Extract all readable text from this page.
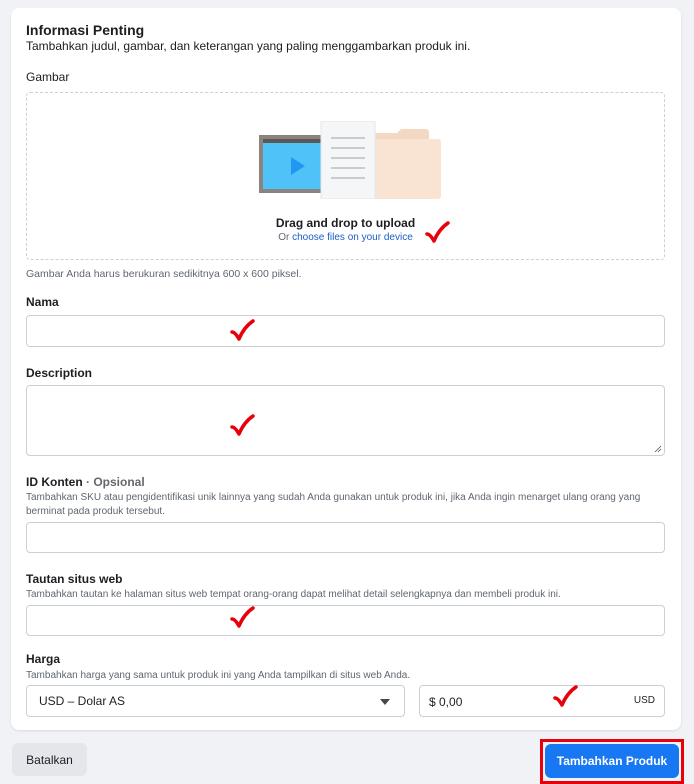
Informasi Penting
Tambahkan judul, gambar, dan keterangan yang paling menggambarkan produk ini.
Gambar
Drag and drop to upload
Or choose files on your device
Gambar Anda harus berukuran sedikitnya 600 x 600 piksel.
Nama
Description
ID Konten · Opsional
Tambahkan SKU atau pengidentifikasi unik lainnya yang sudah Anda gunakan untuk produk ini, jika Anda ingin menarget ulang orang yang berminat pada produk tersebut.
Tautan situs web
Tambahkan tautan ke halaman situs web tempat orang-orang dapat melihat detail selengkapnya dan membeli produk ini.
Harga
Tambahkan harga yang sama untuk produk ini yang Anda tampilkan di situs web Anda.
USD – Dolar AS	$ 0,00	USD
Batalkan	Tambahkan Produk
